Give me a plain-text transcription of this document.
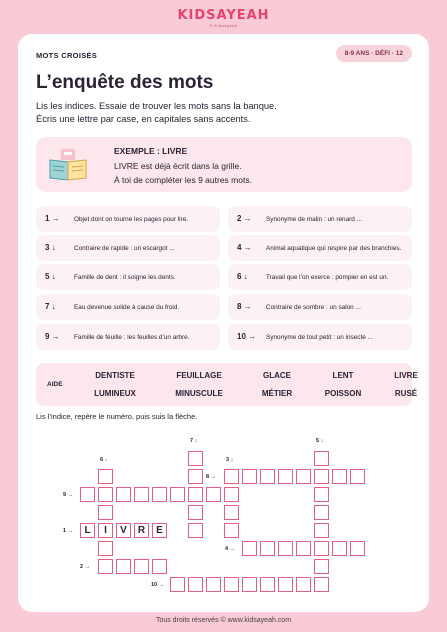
KIDSAYEAH
© Kidsayeah
MOTS CROISÉS	8-9 ANS · DÉFI · 12
L’enquête des mots
Lis les indices. Essaie de trouver les mots sans la banque.
Écris une lettre par case, en capitales sans accents.
EXEMPLE : LIVRE
LIVRE est déjà écrit dans la grille.
À toi de compléter les 9 autres mots.
1 → Objet dont on tourne les pages pour lire.	2 → Synonyme de malin : un renard ...
3 ↓	Contraire de rapide : un escargot ...	4 → Animal aquatique qui respire par des branchies.
5 ↓	Famille de dent : il soigne les dents.	6 ↓	Travail que l’on exerce : pompier en est un.
7 ↓	Eau devenue solide à cause du froid.	8 → Contraire de sombre : un salon ...
9 → Famille de feuille : les feuilles d’un arbre.	10 → Synonyme de tout petit : un insecte ...
AIDE
DENTISTE	FEUILLAGE	GLACE	LENT	LIVRE
LUMINEUX	MINUSCULE	MÉTIER	POISSON	RUSÉ
Lis l’indice, repère le numéro, puis suis la flèche.
7 ↓	5 ↓
6 ↓	3 ↓
8 →
9 →
1 →
4 →
2 →
10 →
I
L	V	R	E
Tous droits réservés © www.kidsayeah.com
